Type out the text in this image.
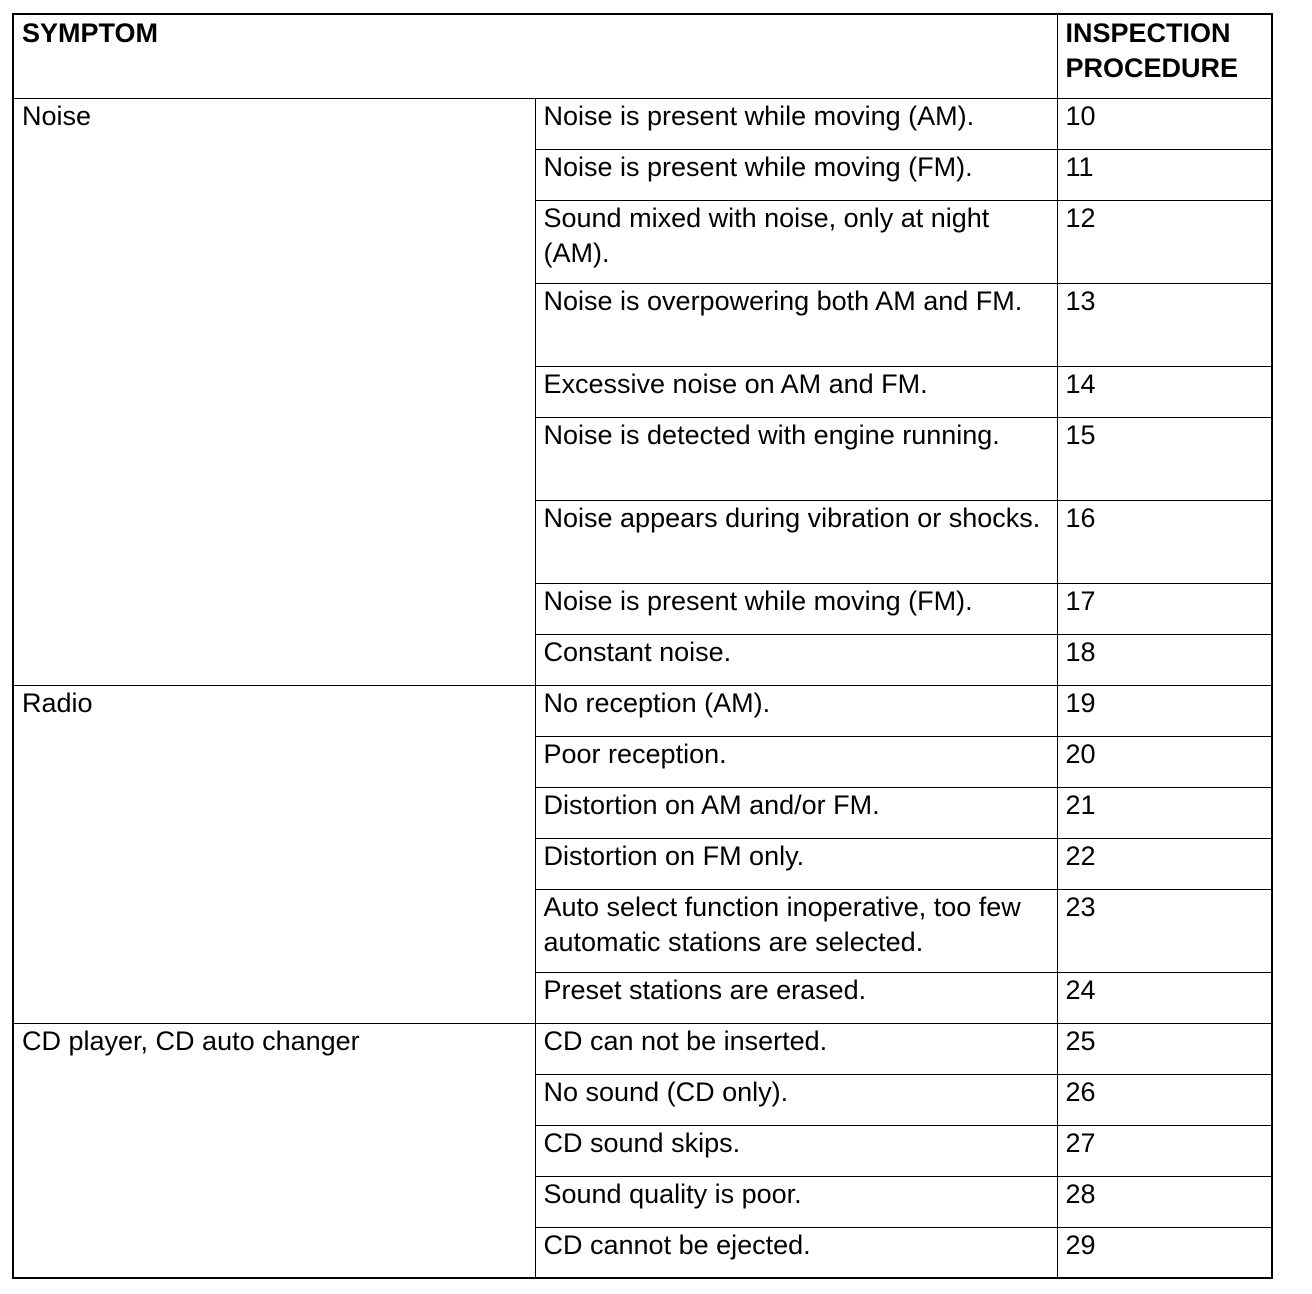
SYMPTOM		INSPECTION PROCEDURE
Noise	Noise is present while moving (AM).	10
	Noise is present while moving (FM).	11
	Sound mixed with noise, only at night (AM).	12
	Noise is overpowering both AM and FM.	13
	Excessive noise on AM and FM.	14
	Noise is detected with engine running.	15
	Noise appears during vibration or shocks.	16
	Noise is present while moving (FM).	17
	Constant noise.	18
Radio	No reception (AM).	19
	Poor reception.	20
	Distortion on AM and/or FM.	21
	Distortion on FM only.	22
	Auto select function inoperative, too few automatic stations are selected.	23
	Preset stations are erased.	24
CD player, CD auto changer	CD can not be inserted.	25
	No sound (CD only).	26
	CD sound skips.	27
	Sound quality is poor.	28
	CD cannot be ejected.	29
